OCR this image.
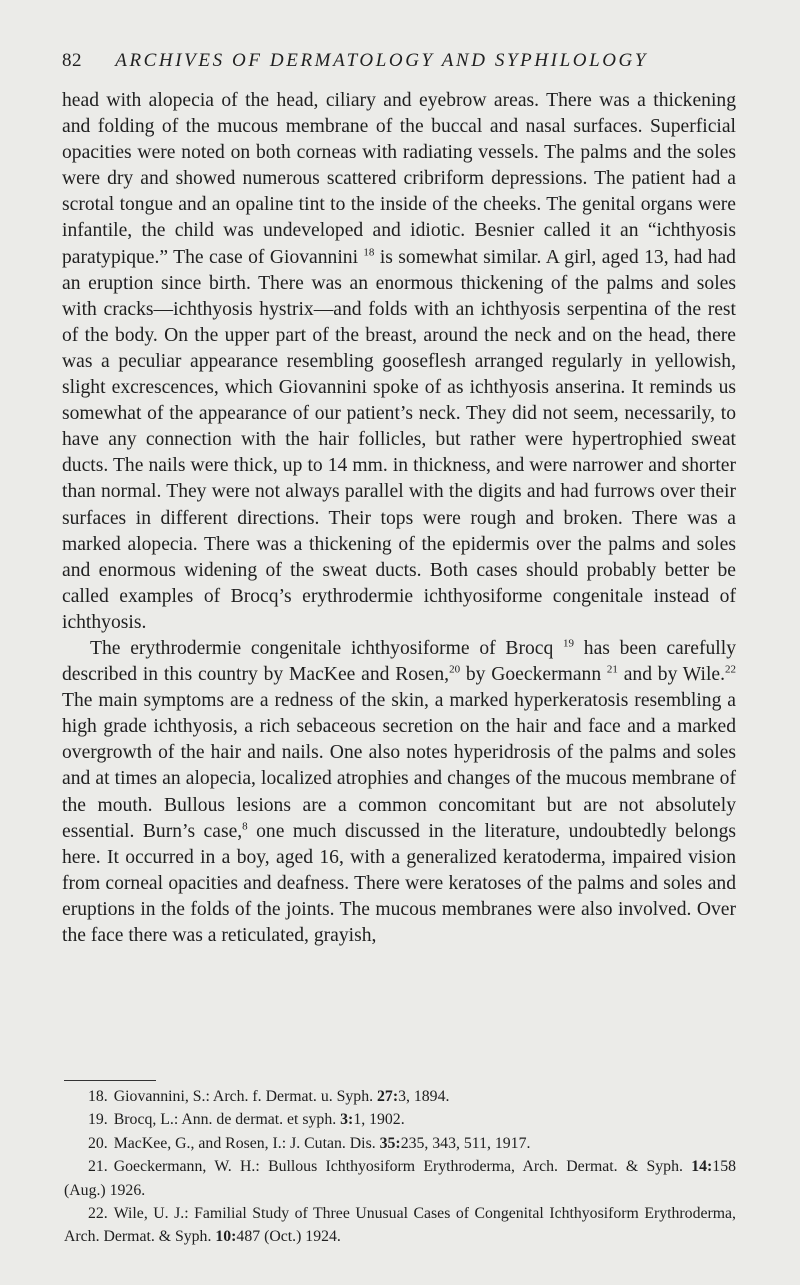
82 ARCHIVES OF DERMATOLOGY AND SYPHILOLOGY

head with alopecia of the head, ciliary and eyebrow areas. There was a thickening and folding of the mucous membrane of the buccal and nasal surfaces. Superficial opacities were noted on both corneas with radiating vessels. The palms and the soles were dry and showed numerous scattered cribriform depressions. The patient had a scrotal tongue and an opaline tint to the inside of the cheeks. The genital organs were infantile, the child was undeveloped and idiotic. Besnier called it an “ichthyosis paratypique.” The case of Giovannini $^{18}$ is somewhat similar. A girl, aged 13, had had an eruption since birth. There was an enormous thickening of the palms and soles with cracks—ichthyosis hystrix—and folds with an ichthyosis serpentina of the rest of the body. On the upper part of the breast, around the neck and on the head, there was a peculiar appearance resembling gooseflesh arranged regularly in yellowish, slight excrescences, which Giovannini spoke of as ichthyosis anserina. It reminds us somewhat of the appearance of our patient’s neck. They did not seem, necessarily, to have any connection with the hair follicles, but rather were hypertrophied sweat ducts. The nails were thick, up to 14 mm. in thickness, and were narrower and shorter than normal. They were not always parallel with the digits and had furrows over their surfaces in different directions. Their tops were rough and broken. There was a marked alopecia. There was a thickening of the epidermis over the palms and soles and enormous widening of the sweat ducts. Both cases should probably better be called examples of Brocq’s erythrodermie ichthyosiforme congenitale instead of ichthyosis.

The erythrodermie congenitale ichthyosiforme of Brocq $^{19}$ has been carefully described in this country by MacKee and Rosen,$^{20}$ by Goeckermann $^{21}$ and by Wile.$^{22}$ The main symptoms are a redness of the skin, a marked hyperkeratosis resembling a high grade ichthyosis, a rich sebaceous secretion on the hair and face and a marked overgrowth of the hair and nails. One also notes hyperidrosis of the palms and soles and at times an alopecia, localized atrophies and changes of the mucous membrane of the mouth. Bullous lesions are a common concomitant but are not absolutely essential. Burn’s case,$^8$ one much discussed in the literature, undoubtedly belongs here. It occurred in a boy, aged 16, with a generalized keratoderma, impaired vision from corneal opacities and deafness. There were keratoses of the palms and soles and eruptions in the folds of the joints. The mucous membranes were also involved. Over the face there was a reticulated, grayish,

18. Giovannini, S.: Arch. f. Dermat. u. Syph. 27:3, 1894.

19. Brocq, L.: Ann. de dermat. et syph. 3:1, 1902.

20. MacKee, G., and Rosen, I.: J. Cutan. Dis. 35:235, 343, 511, 1917.

21. Goeckermann, W. H.: Bullous Ichthyosiform Erythroderma, Arch. Dermat. & Syph. 14:158 (Aug.) 1926.

22. Wile, U. J.: Familial Study of Three Unusual Cases of Congenital Ichthyosiform Erythroderma, Arch. Dermat. & Syph. 10:487 (Oct.) 1924.
